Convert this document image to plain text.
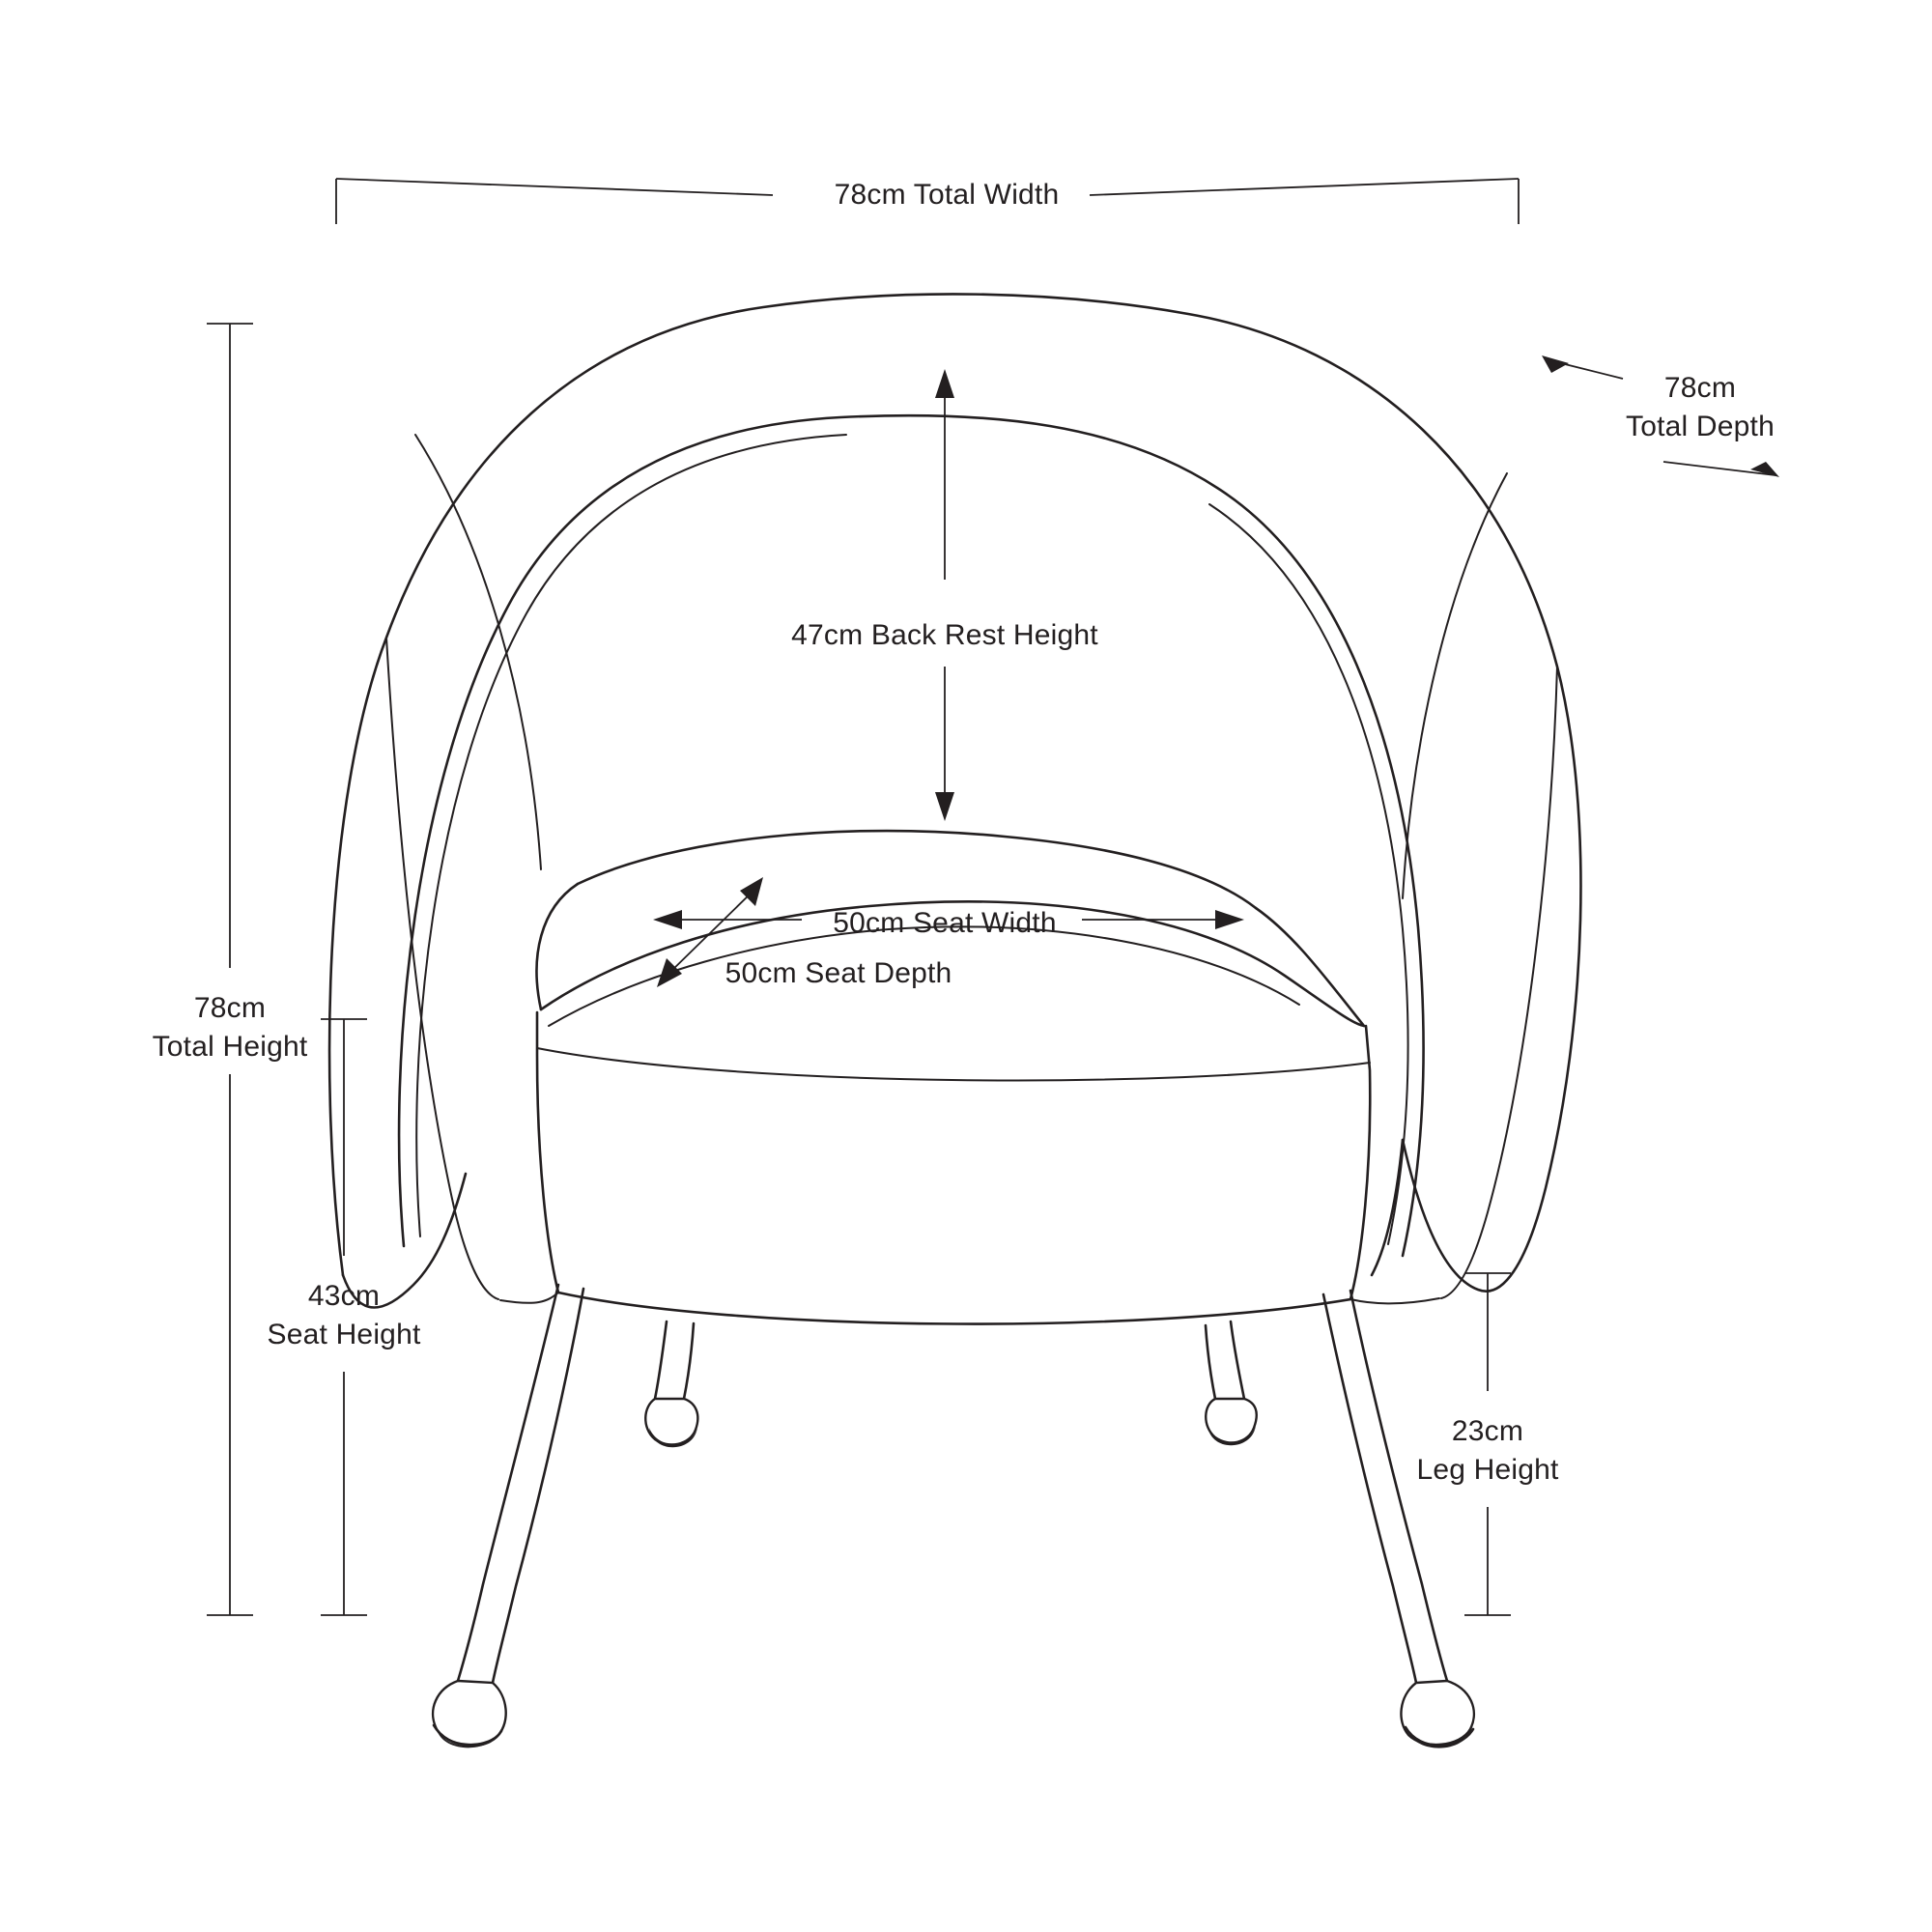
78cm Total Width
78cm
Total Depth
47cm Back Rest Height
50cm Seat Width
50cm Seat Depth
78cm
Total Height
43cm
Seat Height
23cm
Leg Height
